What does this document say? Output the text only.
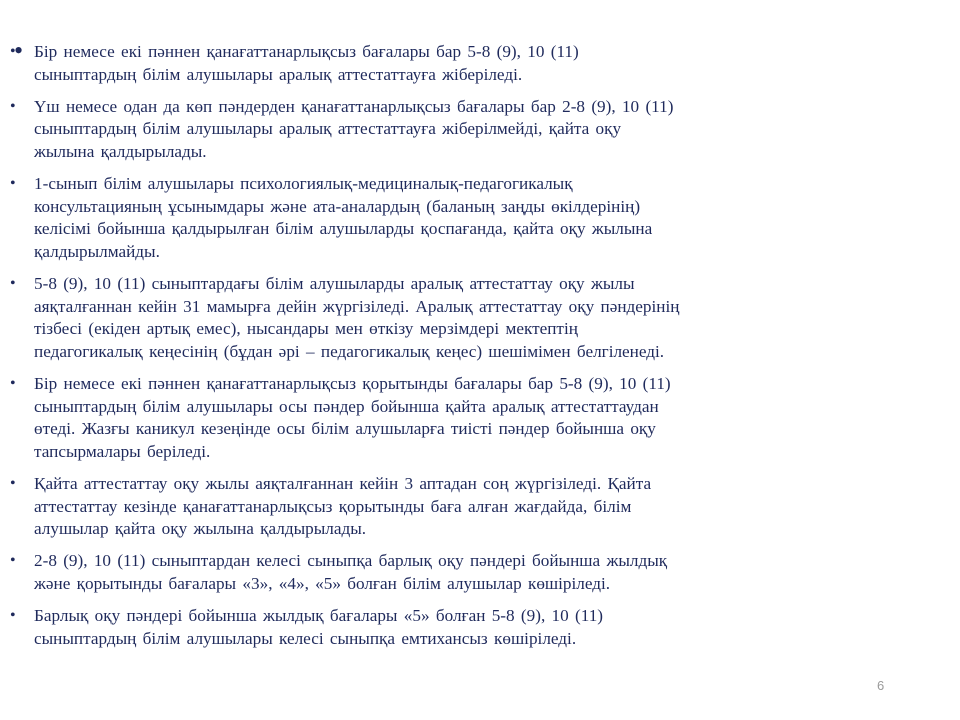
•
• Бір немесе екі пәннен қанағаттанарлықсыз бағалары бар 5-8 (9), 10 (11)
сыныптардың білім алушылары аралық аттестаттауға жіберіледі.
• Үш немесе одан да көп пәндерден қанағаттанарлықсыз бағалары бар 2-8 (9), 10 (11)
сыныптардың білім алушылары аралық аттестаттауға жіберілмейді, қайта оқу
жылына қалдырылады.
• 1-сынып білім алушылары психологиялық-медициналық-педагогикалық
консультацияның ұсынымдары және ата-аналардың (баланың заңды өкілдерінің)
келісімі бойынша қалдырылған білім алушыларды қоспағанда, қайта оқу жылына
қалдырылмайды.
• 5-8 (9), 10 (11) сыныптардағы білім алушыларды аралық аттестаттау оқу жылы
аяқталғаннан кейін 31 мамырға дейін жүргізіледі. Аралық аттестаттау оқу пәндерінің
тізбесі (екіден артық емес), нысандары мен өткізу мерзімдері мектептің
педагогикалық кеңесінің (бұдан әрі – педагогикалық кеңес) шешімімен белгіленеді.
• Бір немесе екі пәннен қанағаттанарлықсыз қорытынды бағалары бар 5-8 (9), 10 (11)
сыныптардың білім алушылары осы пәндер бойынша қайта аралық аттестаттаудан
өтеді. Жазғы каникул кезеңінде осы білім алушыларға тиісті пәндер бойынша оқу
тапсырмалары беріледі.
• Қайта аттестаттау оқу жылы аяқталғаннан кейін 3 аптадан соң жүргізіледі. Қайта
аттестаттау кезінде қанағаттанарлықсыз қорытынды баға алған жағдайда, білім
алушылар қайта оқу жылына қалдырылады.
• 2-8 (9), 10 (11) сыныптардан келесі сыныпқа барлық оқу пәндері бойынша жылдық
және қорытынды бағалары «3», «4», «5» болған білім алушылар көшіріледі.
• Барлық оқу пәндері бойынша жылдық бағалары «5» болған 5-8 (9), 10 (11)
сыныптардың білім алушылары келесі сыныпқа емтихансыз көшіріледі.
6
